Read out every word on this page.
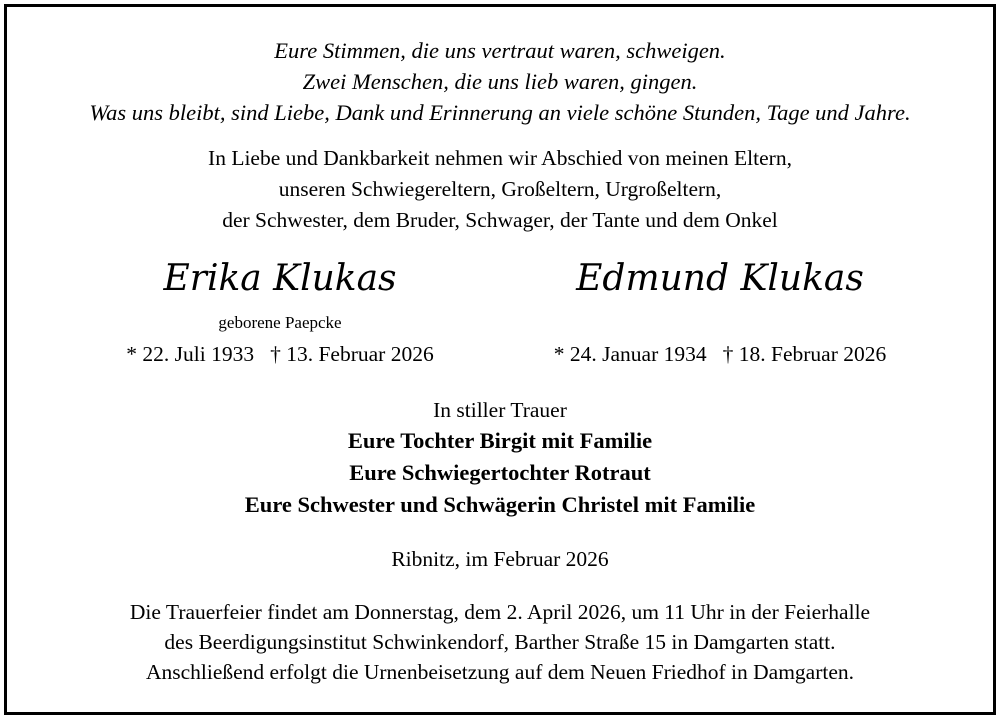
Eure Stimmen, die uns vertraut waren, schweigen.
Zwei Menschen, die uns lieb waren, gingen.
Was uns bleibt, sind Liebe, Dank und Erinnerung an viele schöne Stunden, Tage und Jahre.
In Liebe und Dankbarkeit nehmen wir Abschied von meinen Eltern,
unseren Schwiegereltern, Großeltern, Urgroßeltern,
der Schwester, dem Bruder, Schwager, der Tante und dem Onkel
Erika Klukas	Edmund Klukas
geborene Paepcke
* 22. Juli 1933 † 13. Februar 2026	* 24. Januar 1934 † 18. Februar 2026
In stiller Trauer
Eure Tochter Birgit mit Familie
Eure Schwiegertochter Rotraut
Eure Schwester und Schwägerin Christel mit Familie
Ribnitz, im Februar 2026
Die Trauerfeier findet am Donnerstag, dem 2. April 2026, um 11 Uhr in der Feierhalle
des Beerdigungsinstitut Schwinkendorf, Barther Straße 15 in Damgarten statt.
Anschließend erfolgt die Urnenbeisetzung auf dem Neuen Friedhof in Damgarten.
